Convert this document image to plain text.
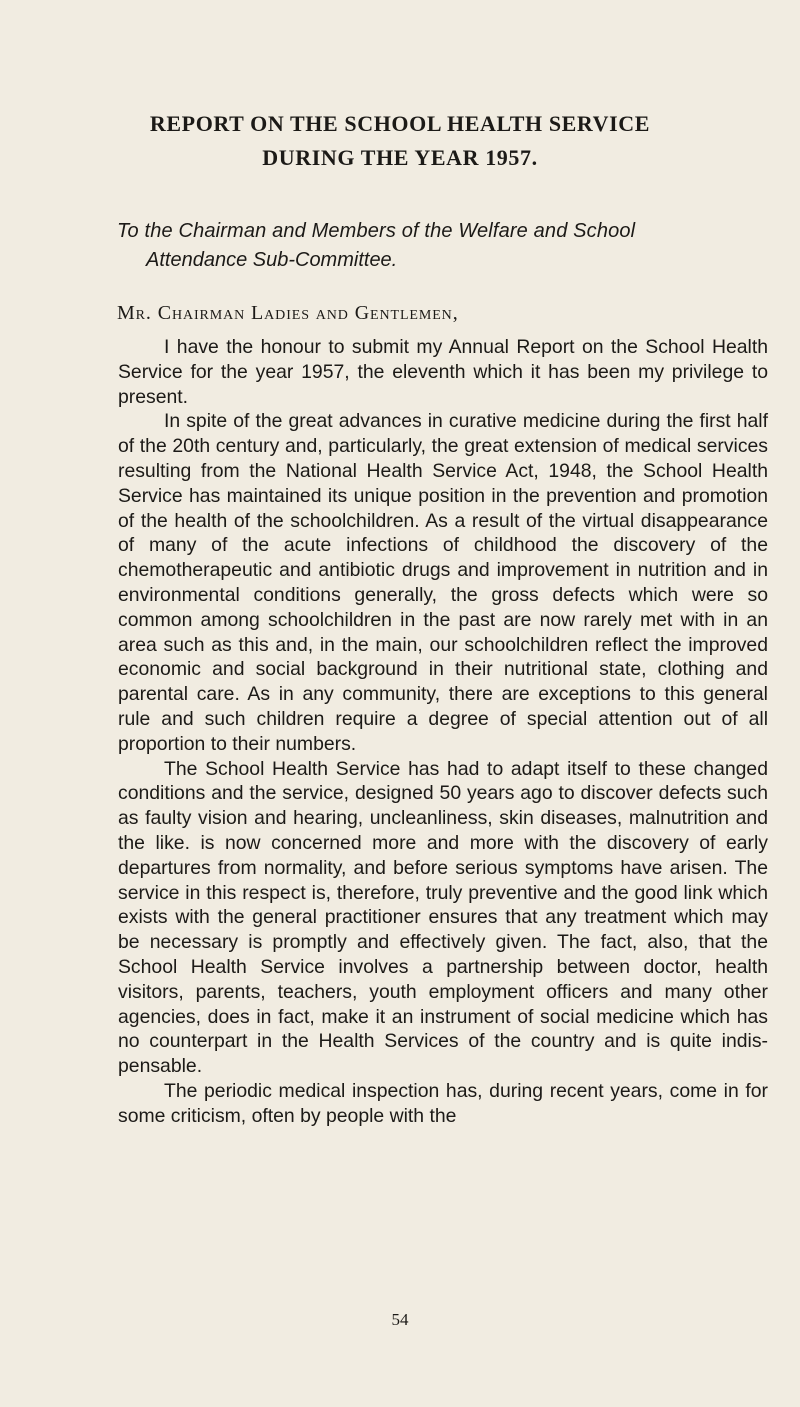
REPORT ON THE SCHOOL HEALTH SERVICE
DURING THE YEAR 1957.
To the Chairman and Members of the Welfare and School
Attendance Sub-Committee.
Mr. Chairman Ladies and Gentlemen,

I have the honour to submit my Annual Report on the School Health Service for the year 1957, the eleventh which it has been my privilege to present.

In spite of the great advances in curative medicine during the first half of the 20th century and, particularly, the great extension of medical services resulting from the National Health Service Act, 1948, the School Health Service has maintained its unique position in the prevention and promotion of the health of the schoolchildren. As a result of the virtual disappearance of many of the acute infections of childhood the discovery of the chemotherapeutic and antibiotic drugs and improvement in nutrition and in environmental conditions generally, the gross defects which were so common among schoolchildren in the past are now rarely met with in an area such as this and, in the main, our schoolchildren reflect the improved economic and social background in their nutritional state, clothing and parental care. As in any community, there are exceptions to this general rule and such children require a degree of special attention out of all proportion to their numbers.

The School Health Service has had to adapt itself to these changed conditions and the service, designed 50 years ago to discover defects such as faulty vision and hearing, uncleanliness, skin diseases, malnutrition and the like. is now concerned more and more with the discovery of early departures from normality, and before serious symptoms have arisen. The service in this respect is, therefore, truly preventive and the good link which exists with the general practitioner ensures that any treatment which may be necessary is promptly and effectively given. The fact, also, that the School Health Service involves a partnership between doctor, health visitors, parents, teachers, youth employment officers and many other agencies, does in fact, make it an instrument of social medicine which has no counterpart in the Health Services of the country and is quite indispensable.

The periodic medical inspection has, during recent years, come in for some criticism, often by people with the

54
